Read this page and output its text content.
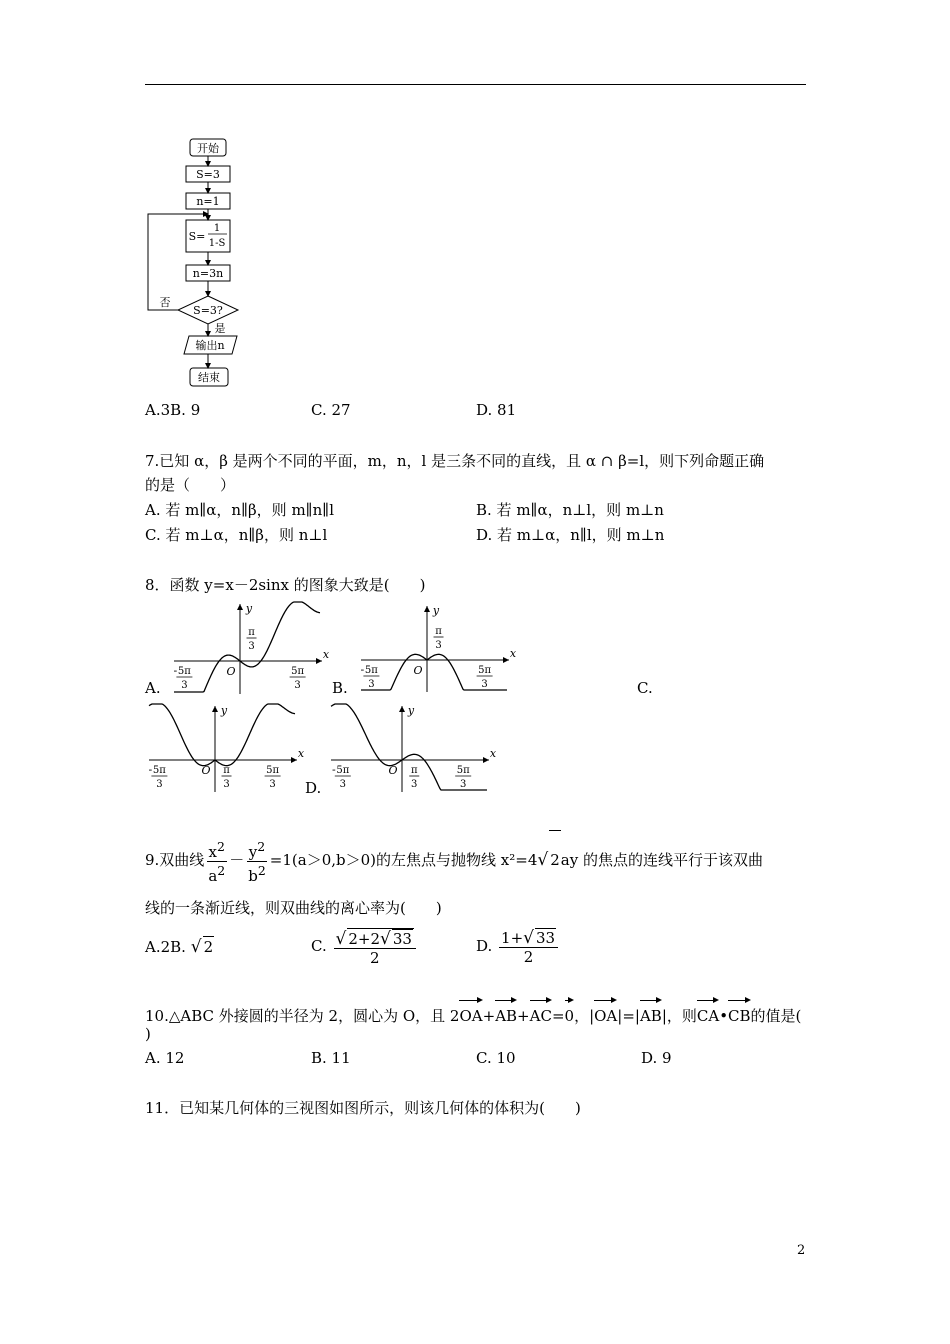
开始
S=3
n=1
S=
1
1-S
n=3n
S=3?
否
是
输出n
结束
A.3B. 9	C. 27	D. 81
7.已知 α，β 是两个不同的平面，m，n，l 是三条不同的直线，且 α ∩ β=l，则下列命题正确
的是（　　）
A. 若 m∥α，n∥β，则 m∥n∥l	B. 若 m∥α，n⊥l，则 m⊥n
C. 若 m⊥α，n∥β，则 n⊥l	D. 若 m⊥α，n∥l，则 m⊥n
8．函数 y=x－2sinx 的图象大致是(　　)
x
y
O
- 5π
3
5π
3
π
3
x
y
O
- 5π
3
5π
3
π
3
x
y
O
- 5π
3
5π
3
π
3
x
y
O
- 5π
3
5π
3
π
3
A.	B.	C.
D.
9.双曲线 $\frac{x^2}{a^2} - \frac{y^2}{b^2} =1(a>0,b>0)$的左焦点与抛物线 x²=4√ 2ay 的焦点的连线平行于该双曲
线的一条渐近线，则双曲线的离心率为(　　)
A.2B. √ 2	C. $\frac{√ 2+2√ 33}{2}$	D. $\frac{1+√ 33}{2}$
10.△ABC 外接圆的半径为 2，圆心为 O，且 2OA+AB+AC=0，|OA|=|AB|，则CA•CB的值是(
)
A. 12	B. 11	C. 10	D. 9
11．已知某几何体的三视图如图所示，则该几何体的体积为(　　)
2
